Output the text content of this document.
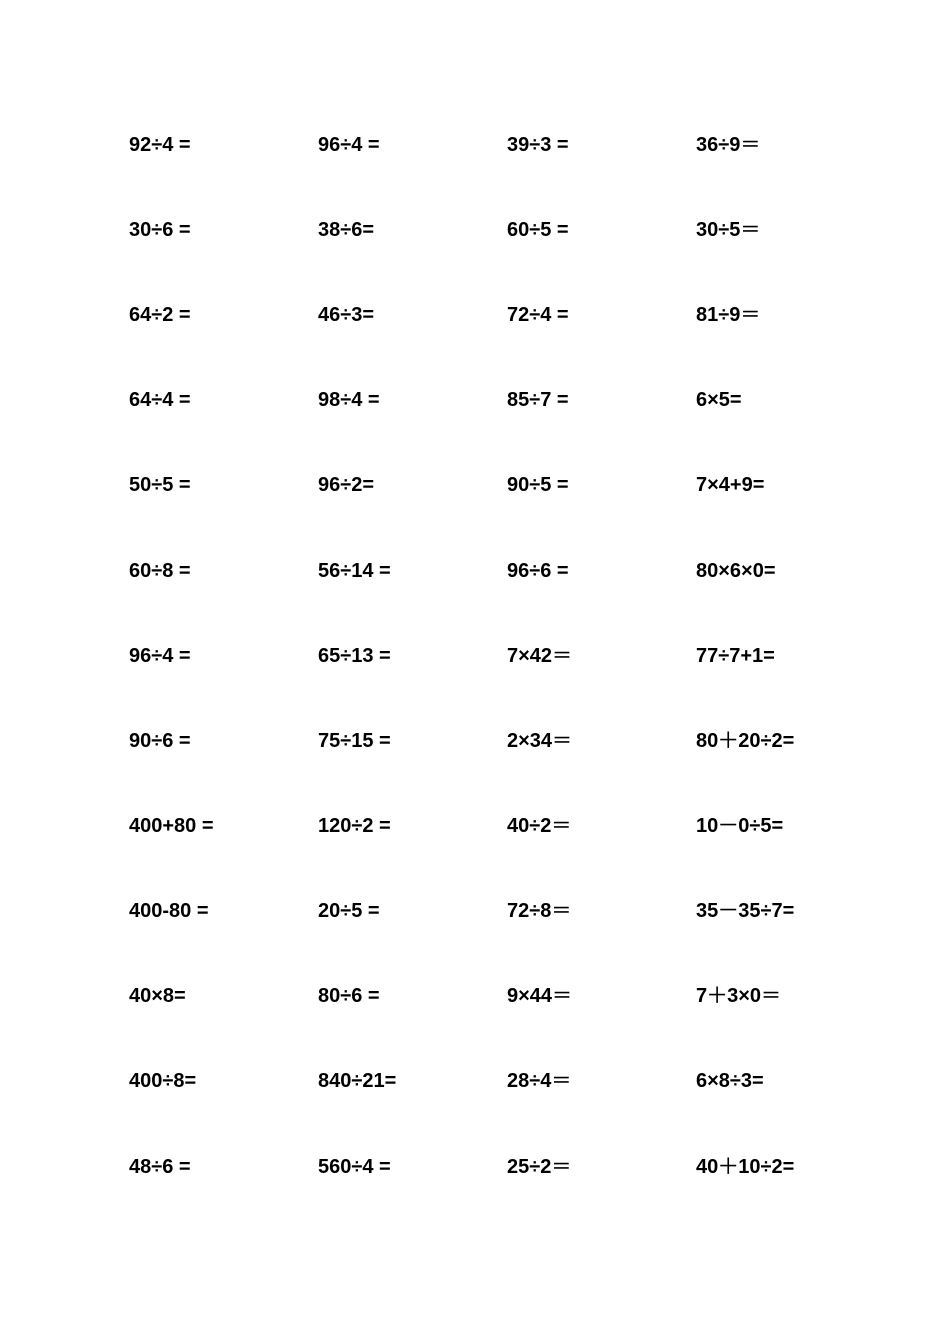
92÷4 =	96÷4 =	39÷3 =	36÷9＝
30÷6 =	38÷6=	60÷5 =	30÷5＝
64÷2 =	46÷3=	72÷4 =	81÷9＝
64÷4 =	98÷4 =	85÷7 =	6×5=
50÷5 =	96÷2=	90÷5 =	7×4+9=
60÷8 =	56÷14 =	96÷6 =	80×6×0=
96÷4 =	65÷13 =	7×42＝	77÷7+1=
90÷6 =	75÷15 =	2×34＝	80＋20÷2=
400+80 =	120÷2 =	40÷2＝	10－0÷5=
400-80 =	20÷5 =	72÷8＝	35－35÷7=
40×8=	80÷6 =	9×44＝	7＋3×0＝
400÷8=	840÷21=	28÷4＝	6×8÷3=
48÷6 =	560÷4 =	25÷2＝	40＋10÷2=
